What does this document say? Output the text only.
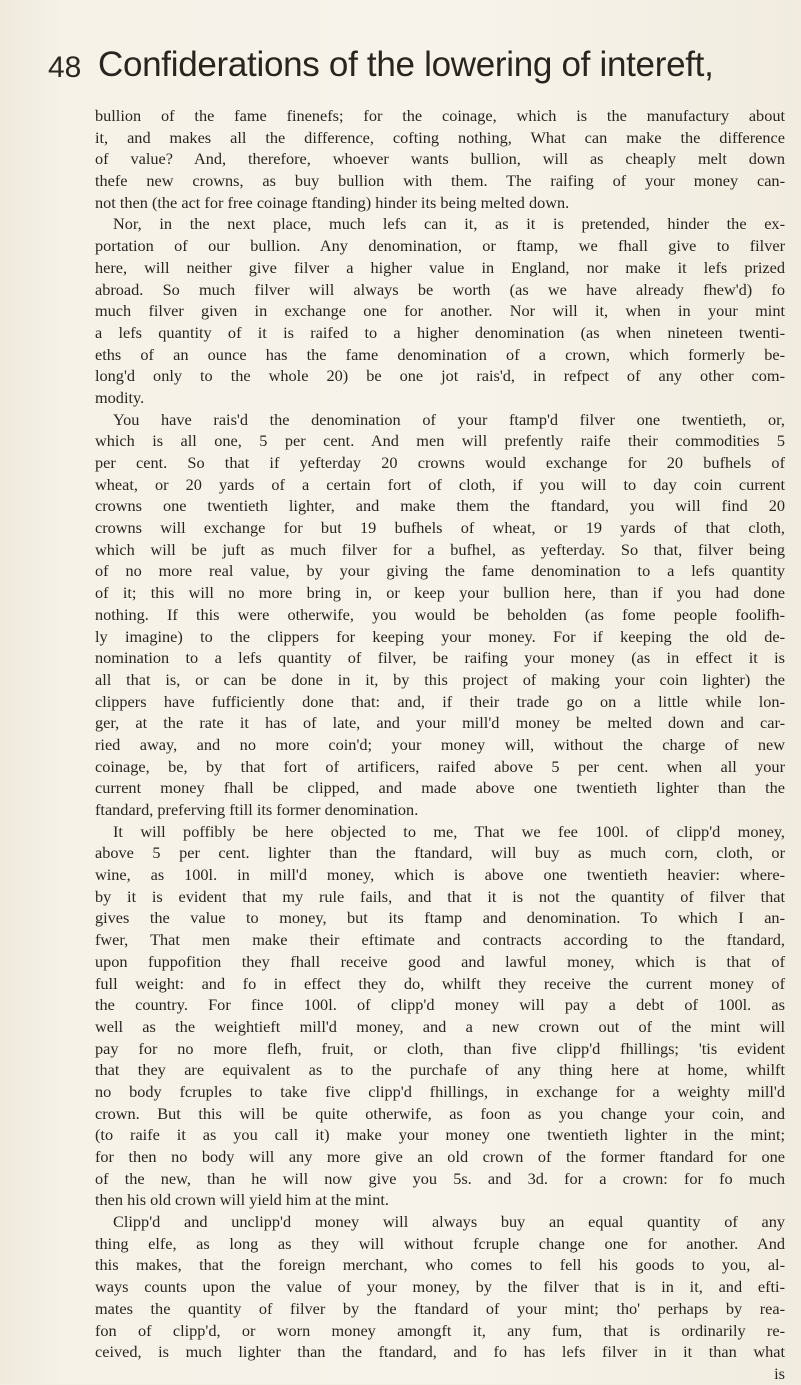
48 Confiderations of the lowering of intereft,
bullion of the fame finenefs; for the coinage, which is the manufactury about
it, and makes all the difference, cofting nothing, What can make the difference
of value? And, therefore, whoever wants bullion, will as cheaply melt down
thefe new crowns, as buy bullion with them. The raifing of your money can-
not then (the act for free coinage ftanding) hinder its being melted down.
Nor, in the next place, much lefs can it, as it is pretended, hinder the ex-
portation of our bullion. Any denomination, or ftamp, we fhall give to filver
here, will neither give filver a higher value in England, nor make it lefs prized
abroad. So much filver will always be worth (as we have already fhew'd) fo
much filver given in exchange one for another. Nor will it, when in your mint
a lefs quantity of it is raifed to a higher denomination (as when nineteen twenti-
eths of an ounce has the fame denomination of a crown, which formerly be-
long'd only to the whole 20) be one jot rais'd, in refpect of any other com-
modity.
You have rais'd the denomination of your ftamp'd filver one twentieth, or,
which is all one, 5 per cent. And men will prefently raife their commodities 5
per cent. So that if yefterday 20 crowns would exchange for 20 bufhels of
wheat, or 20 yards of a certain fort of cloth, if you will to day coin current
crowns one twentieth lighter, and make them the ftandard, you will find 20
crowns will exchange for but 19 bufhels of wheat, or 19 yards of that cloth,
which will be juft as much filver for a bufhel, as yefterday. So that, filver being
of no more real value, by your giving the fame denomination to a lefs quantity
of it; this will no more bring in, or keep your bullion here, than if you had done
nothing. If this were otherwife, you would be beholden (as fome people foolifh-
ly imagine) to the clippers for keeping your money. For if keeping the old de-
nomination to a lefs quantity of filver, be raifing your money (as in effect it is
all that is, or can be done in it, by this project of making your coin lighter) the
clippers have fufficiently done that: and, if their trade go on a little while lon-
ger, at the rate it has of late, and your mill'd money be melted down and car-
ried away, and no more coin'd; your money will, without the charge of new
coinage, be, by that fort of artificers, raifed above 5 per cent. when all your
current money fhall be clipped, and made above one twentieth lighter than the
ftandard, preferving ftill its former denomination.
It will poffibly be here objected to me, That we fee 100l. of clipp'd money,
above 5 per cent. lighter than the ftandard, will buy as much corn, cloth, or
wine, as 100l. in mill'd money, which is above one twentieth heavier: where-
by it is evident that my rule fails, and that it is not the quantity of filver that
gives the value to money, but its ftamp and denomination. To which I an-
fwer, That men make their eftimate and contracts according to the ftandard,
upon fuppofition they fhall receive good and lawful money, which is that of
full weight: and fo in effect they do, whilft they receive the current money of
the country. For fince 100l. of clipp'd money will pay a debt of 100l. as
well as the weightieft mill'd money, and a new crown out of the mint will
pay for no more flefh, fruit, or cloth, than five clipp'd fhillings; 'tis evident
that they are equivalent as to the purchafe of any thing here at home, whilft
no body fcruples to take five clipp'd fhillings, in exchange for a weighty mill'd
crown. But this will be quite otherwife, as foon as you change your coin, and
(to raife it as you call it) make your money one twentieth lighter in the mint;
for then no body will any more give an old crown of the former ftandard for one
of the new, than he will now give you 5s. and 3d. for a crown: for fo much
then his old crown will yield him at the mint.
Clipp'd and unclipp'd money will always buy an equal quantity of any
thing elfe, as long as they will without fcruple change one for another. And
this makes, that the foreign merchant, who comes to fell his goods to you, al-
ways counts upon the value of your money, by the filver that is in it, and efti-
mates the quantity of filver by the ftandard of your mint; tho' perhaps by rea-
fon of clipp'd, or worn money amongft it, any fum, that is ordinarily re-
ceived, is much lighter than the ftandard, and fo has lefs filver in it than what
is
